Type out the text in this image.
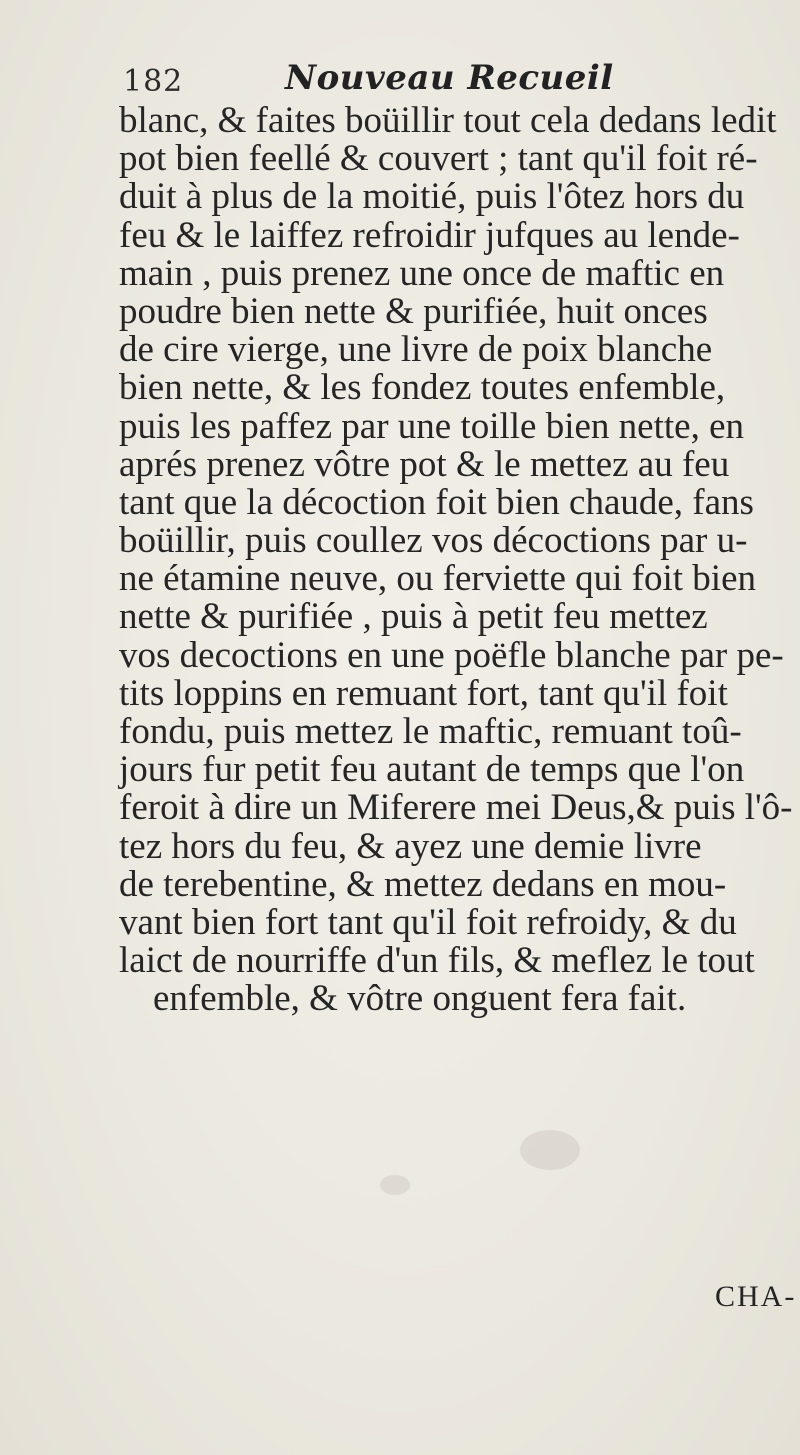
182	Nouveau Recueil
blanc, & faites boüillir tout cela dedans ledit
pot bien feellé & couvert ; tant qu'il foit ré-
duit à plus de la moitié, puis l'ôtez hors du
feu & le laiffez refroidir jufques au lende-
main , puis prenez une once de maftic en
poudre bien nette & purifiée, huit onces
de cire vierge, une livre de poix blanche
bien nette, & les fondez toutes enfemble,
puis les paffez par une toille bien nette, en
aprés prenez vôtre pot & le mettez au feu
tant que la décoction foit bien chaude, fans
boüillir, puis coullez vos décoctions par u-
ne étamine neuve, ou ferviette qui foit bien
nette & purifiée , puis à petit feu mettez
vos decoctions en une poëfle blanche par pe-
tits loppins en remuant fort, tant qu'il foit
fondu, puis mettez le maftic, remuant toû-
jours fur petit feu autant de temps que l'on
feroit à dire un Miferere mei Deus,& puis l'ô-
tez hors du feu, & ayez une demie livre
de terebentine, & mettez dedans en mou-
vant bien fort tant qu'il foit refroidy, & du
laict de nourriffe d'un fils, & meflez le tout
enfemble, & vôtre onguent fera fait.
CHA-
